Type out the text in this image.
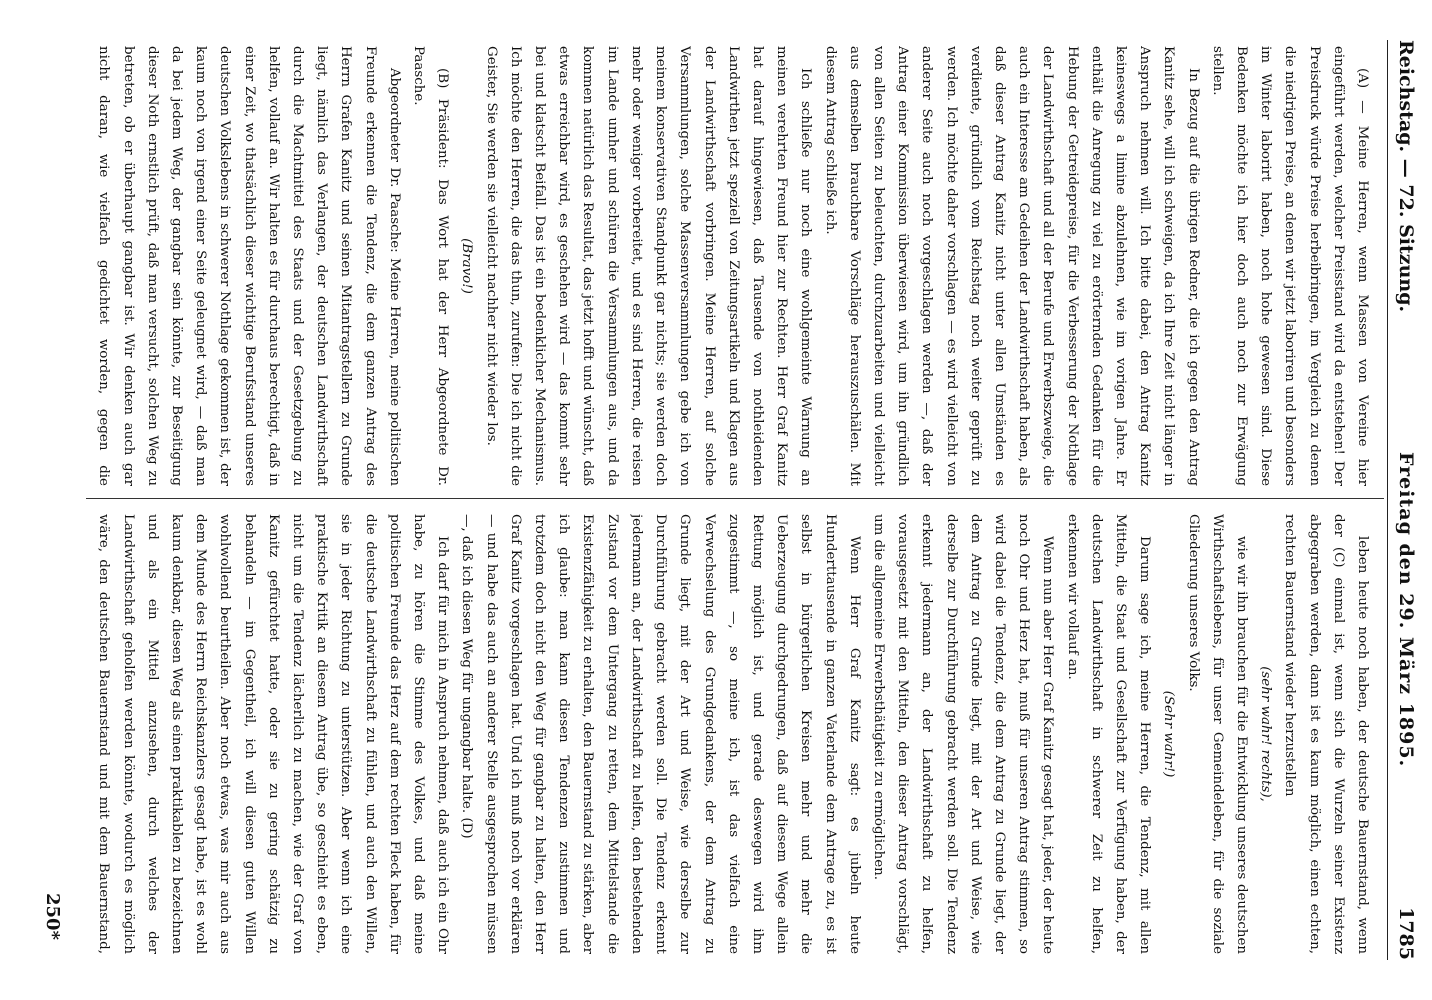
Reichstag. — 72. Sitzung.
Freitag den 29. März 1895.
1785

(A) — Meine Herren, wenn Massen von Vereine hier eingeführt werden, welcher Preisstand wird da entstehen! Der Preisdruck würde Preise herbeibringen, im Vergleich zu denen die niedrigen Preise, an denen wir jetzt laboriren und besonders im Winter laborirt haben, noch hohe gewesen sind. Diese Bedenken möchte ich hier doch auch noch zur Erwägung stellen.

In Bezug auf die übrigen Redner, die ich gegen den Antrag Kanitz sehe, will ich schweigen, da ich Ihre Zeit nicht länger in Anspruch nehmen will. Ich bitte dabei, den Antrag Kanitz keineswegs a limine abzulehnen, wie im vorigen Jahre. Er enthält die Anregung zu viel zu erörternden Gedanken für die Hebung der Getreidepreise, für die Verbesserung der Nothlage der Landwirthschaft und all der Berufe und Erwerbszweige, die auch ein Interesse am Gedeihen der Landwirthschaft haben, als daß dieser Antrag Kanitz nicht unter allen Umständen es verdiente, gründlich vom Reichstag noch weiter geprüft zu werden. Ich möchte daher vorschlagen — es wird vielleicht von anderer Seite auch noch vorgeschlagen werden —, daß der Antrag einer Kommission überwiesen wird, um ihn gründlich von allen Seiten zu beleuchten, durchzuarbeiten und vielleicht aus demselben brauchbare Vorschläge herauszuschälen. Mit diesem Antrag schließe ich.

Ich schließe nur noch eine wohlgemeinte Warnung an meinen verehrten Freund hier zur Rechten. Herr Graf Kanitz hat darauf hingewiesen, daß Tausende von nothleidenden Landwirthen jetzt speziell von Zeitungsartikeln und Klagen aus der Landwirthschaft vorbringen. Meine Herren, auf solche Versammlungen, solche Massenversammlungen gebe ich von meinem konservativen Standpunkt gar nichts; sie werden doch mehr oder weniger vorbereitet, und es sind Herren, die reisen im Lande umher und schüren die Versammlungen aus, und da kommen natürlich das Resultat, das jetzt hofft und wünscht, daß etwas erreichbar wird, es geschehen wird — das kommt sehr bei und klatscht Beifall. Das ist ein bedenklicher Mechanismus. Ich möchte den Herren, die das thun, zurufen: Die ich nicht die Geister, Sie werden sie vielleicht nachher nicht wieder los.

(Bravo!)

(B) Präsident: Das Wort hat der Herr Abgeordnete Dr. Paasche.

Abgeordneter Dr. Paasche: Meine Herren, meine politischen Freunde erkennen die Tendenz, die dem ganzen Antrag des Herrn Grafen Kanitz und seinen Mitantragstellern zu Grunde liegt, nämlich das Verlangen, der deutschen Landwirthschaft durch die Machtmittel des Staats und der Gesetzgebung zu helfen, vollauf an. Wir halten es für durchaus berechtigt, daß in einer Zeit, wo thatsächlich dieser wichtige Berufsstand unseres deutschen Volkslebens in schwerer Nothlage gekommen ist, der kaum noch von irgend einer Seite geleugnet wird, — daß man da bei jedem Weg, der gangbar sein könnte, zur Beseitigung dieser Noth ernstlich prüft, daß man versucht, solchen Weg zu betreten, ob er überhaupt gangbar ist. Wir denken auch gar nicht daran, wie vielfach gedichtet worden, gegen die

leben heute noch haben, der deutsche Bauernstand, wenn der (C) einmal ist, wenn sich die Wurzeln seiner Existenz abgegraben werden, dann ist es kaum möglich, einen echten, rechten Bauernstand wieder herzustellen

(sehr wahr! rechts),

wie wir ihn brauchen für die Entwicklung unseres deutschen Wirthschaftslebens, für unser Gemeindeleben, für die soziale Gliederung unseres Volks.

(Sehr wahr!)

Darum sage ich, meine Herren, die Tendenz, mit allen Mitteln, die Staat und Gesellschaft zur Verfügung haben, der deutschen Landwirthschaft in schwerer Zeit zu helfen, erkennen wir vollauf an.

Wenn nun aber Herr Graf Kanitz gesagt hat, jeder, der heute noch Ohr und Herz hat, muß für unseren Antrag stimmen, so wird dabei die Tendenz, die dem Antrag zu Grunde liegt, der dem Antrag zu Grunde liegt, mit der Art und Weise, wie derselbe zur Durchführung gebracht werden soll. Die Tendenz erkennt jedermann an, der Landwirthschaft zu helfen, vorausgesetzt mit den Mitteln, den dieser Antrag vorschlägt, um die allgemeine Erwerbsthätigkeit zu ermöglichen.

Wenn Herr Graf Kanitz sagt: es jubeln heute Hunderttausende in ganzen Vaterlande dem Antrage zu, es ist selbst in bürgerlichen Kreisen mehr und mehr die Ueberzeugung durchgedrungen, daß auf diesem Wege allein Rettung möglich ist, und gerade deswegen wird ihm zugestimmt —, so meine ich, ist das vielfach eine Verwechselung des Grundgedankens, der dem Antrag zu Grunde liegt, mit der Art und Weise, wie derselbe zur Durchführung gebracht werden soll. Die Tendenz erkennt jedermann an, der Landwirthschaft zu helfen, den bestehenden Zustand vor dem Untergang zu retten, dem Mittelstande die Existenzfähigkeit zu erhalten, den Bauernstand zu stärken, aber ich glaube: man kann diesen Tendenzen zustimmen und trotzdem doch nicht den Weg für gangbar zu halten, den Herr Graf Kanitz vorgeschlagen hat. Und ich muß noch vor erklären — und habe das auch an anderer Stelle ausgesprochen müssen —, daß ich diesen Weg für ungangbar halte. (D)

Ich darf für mich in Anspruch nehmen, daß auch ich ein Ohr habe, zu hören die Stimme des Volkes, und daß meine politischen Freunde das Herz auf dem rechten Fleck haben, für die deutsche Landwirthschaft zu fühlen, und auch den Willen, sie in jeder Richtung zu unterstützen. Aber wenn ich eine praktische Kritik an diesem Antrag übe, so geschieht es eben, nicht um die Tendenz lächerlich zu machen, wie der Graf von Kanitz gefürchtet hatte, oder sie zu gering schätzig zu behandeln — im Gegentheil, ich will diesen guten Willen wohlwollend beurtheilen. Aber noch etwas, was mir auch aus dem Munde des Herrn Reichskanzlers gesagt habe, ist es wohl kaum denkbar, diesen Weg als einen praktikablen zu bezeichnen und als ein Mittel anzusehen, durch welches der Landwirthschaft geholfen werden könnte, wodurch es möglich wäre, den deutschen Bauernstand und mit dem Bauernstand,

250*
